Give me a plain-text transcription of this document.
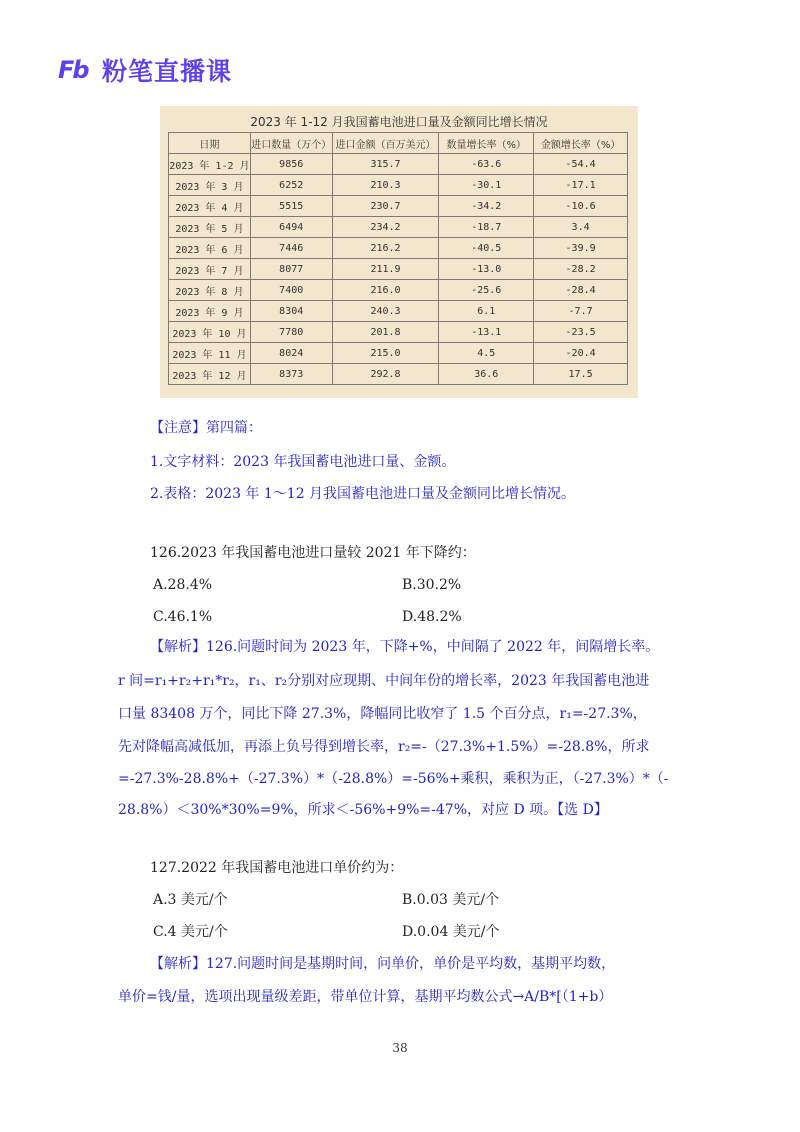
Fb 粉笔直播课
2023 年 1-12 月我国蓄电池进口量及金额同比增长情况
日期	进口数量（万个）	进口金额（百万美元）	数量增长率（%）	金额增长率（%）
2023 年 1-2 月	9856	315.7	-63.6	-54.4
2023 年 3 月	6252	210.3	-30.1	-17.1
2023 年 4 月	5515	230.7	-34.2	-10.6
2023 年 5 月	6494	234.2	-18.7	3.4
2023 年 6 月	7446	216.2	-40.5	-39.9
2023 年 7 月	8077	211.9	-13.0	-28.2
2023 年 8 月	7400	216.0	-25.6	-28.4
2023 年 9 月	8304	240.3	6.1	-7.7
2023 年 10 月	7780	201.8	-13.1	-23.5
2023 年 11 月	8024	215.0	4.5	-20.4
2023 年 12 月	8373	292.8	36.6	17.5
【注意】第四篇：
1.文字材料：2023 年我国蓄电池进口量、金额。
2.表格：2023 年 1～12 月我国蓄电池进口量及金额同比增长情况。
126.2023 年我国蓄电池进口量较 2021 年下降约：
A.28.4%	B.30.2%
C.46.1%	D.48.2%
【解析】126.问题时间为 2023 年，下降+%，中间隔了 2022 年，间隔增长率。
r 间=r₁+r₂+r₁*r₂，r₁、r₂分别对应现期、中间年份的增长率，2023 年我国蓄电池进
口量 83408 万个，同比下降 27.3%，降幅同比收窄了 1.5 个百分点，r₁=-27.3%，
先对降幅高减低加，再添上负号得到增长率，r₂=-（27.3%+1.5%）=-28.8%，所求
=-27.3%-28.8%+（-27.3%）*（-28.8%）=-56%+乘积，乘积为正，（-27.3%）*（-
28.8%）＜30%*30%=9%，所求＜-56%+9%=-47%，对应 D 项。【选 D】
127.2022 年我国蓄电池进口单价约为：
A.3 美元/个	B.0.03 美元/个
C.4 美元/个	D.0.04 美元/个
【解析】127.问题时间是基期时间，问单价，单价是平均数，基期平均数，
单价=钱/量，选项出现量级差距，带单位计算，基期平均数公式→A/B*[（1+b）
38
